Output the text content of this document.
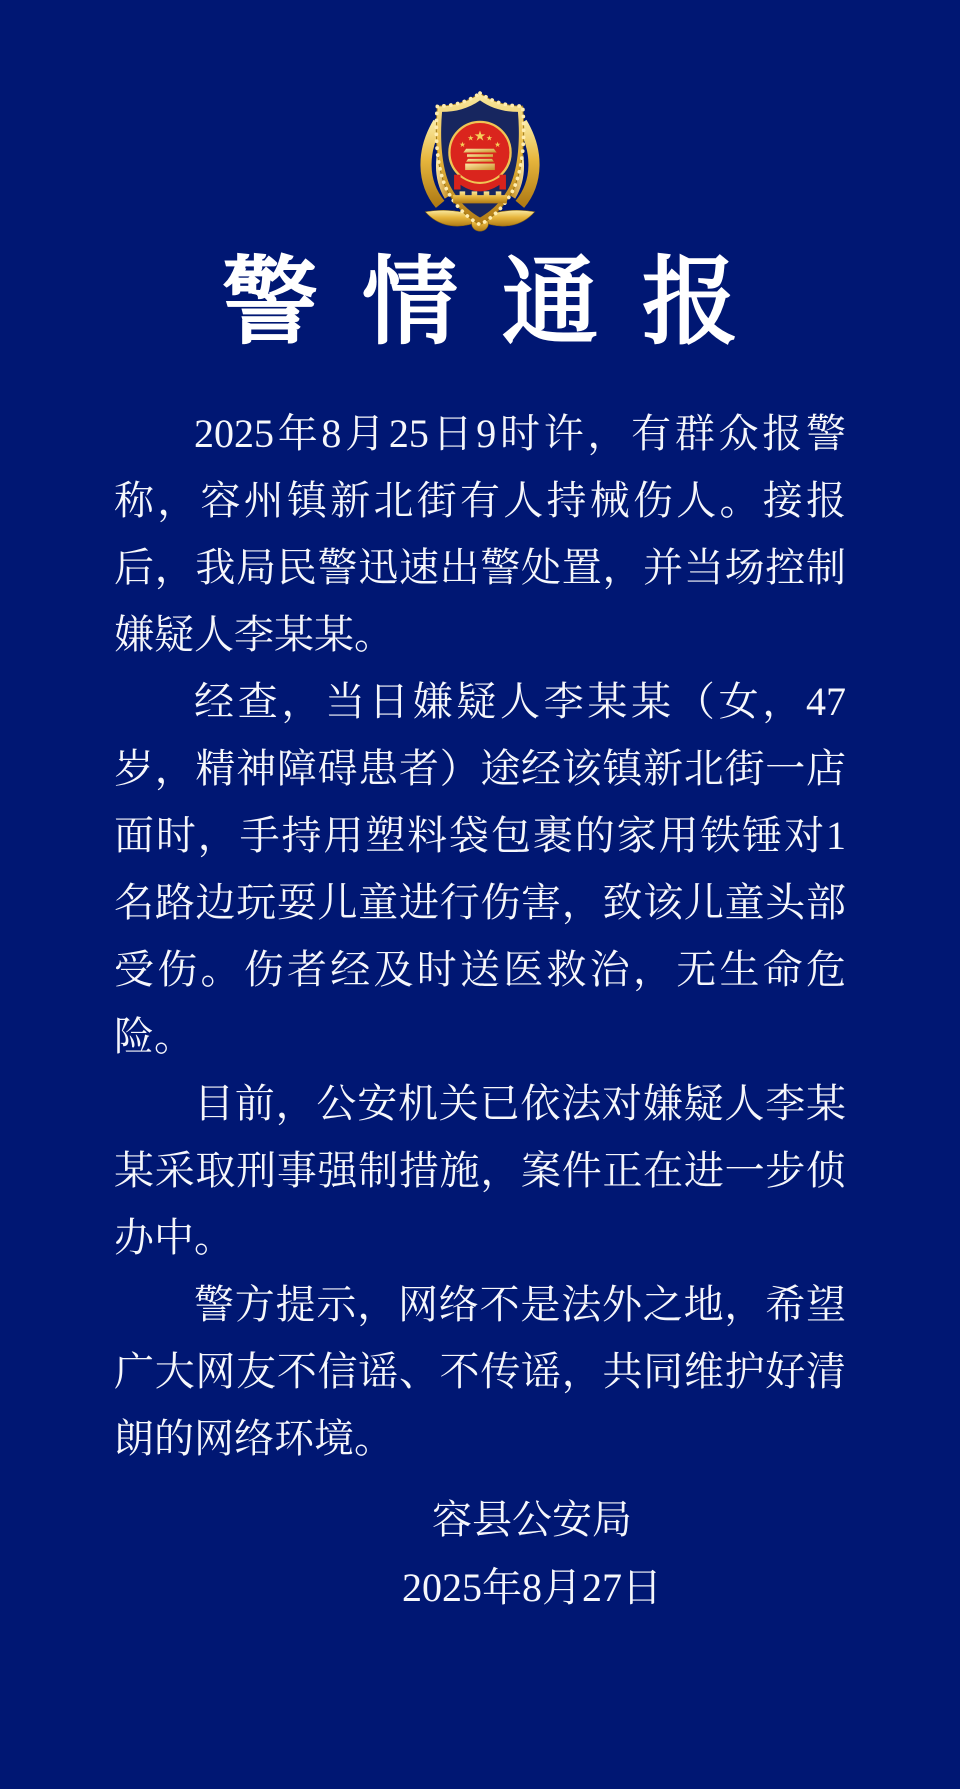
★
★
★ ★
★
警情通报

2025年8月25日9时许，有群众报警称，容州镇新北街有人持械伤人。接报后，我局民警迅速出警处置，并当场控制嫌疑人李某某。

经查，当日嫌疑人李某某（女，47岁，精神障碍患者）途经该镇新北街一店面时，手持用塑料袋包裹的家用铁锤对1名路边玩耍儿童进行伤害，致该儿童头部受伤。伤者经及时送医救治，无生命危险。

目前，公安机关已依法对嫌疑人李某某采取刑事强制措施，案件正在进一步侦办中。

警方提示，网络不是法外之地，希望广大网友不信谣、不传谣，共同维护好清朗的网络环境。

容县公安局
2025年8月27日
